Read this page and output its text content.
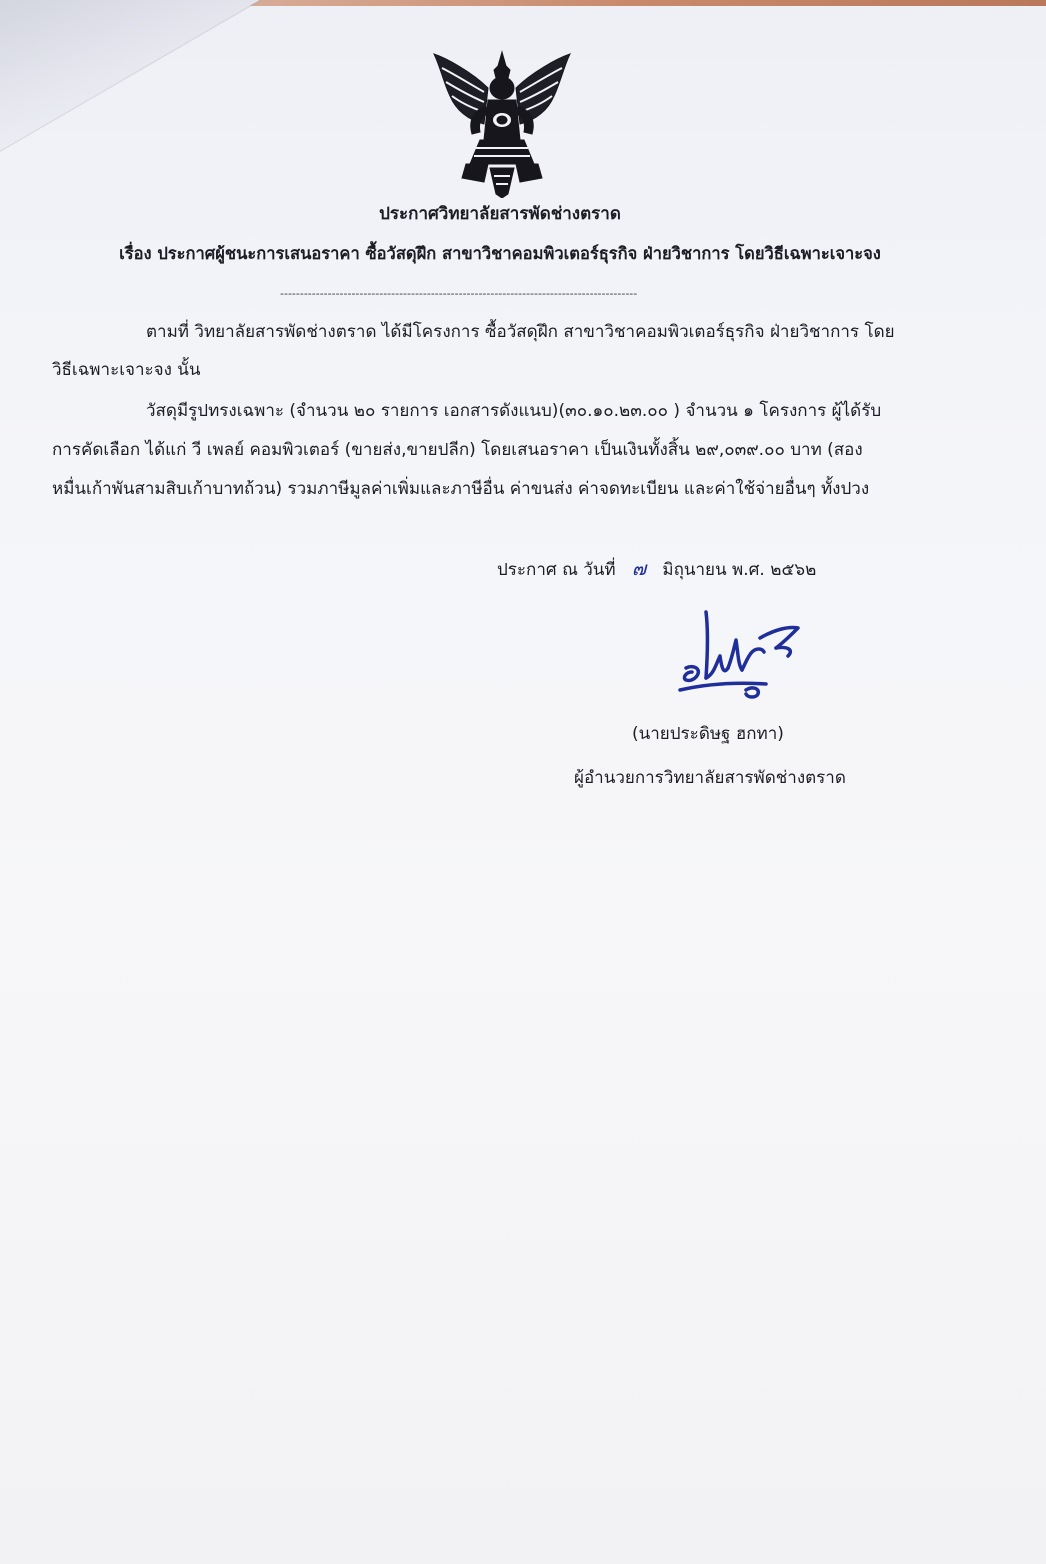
ประกาศวิทยาลัยสารพัดช่างตราด
เรื่อง ประกาศผู้ชนะการเสนอราคา ซื้อวัสดุฝึก สาขาวิชาคอมพิวเตอร์ธุรกิจ ฝ่ายวิชาการ โดยวิธีเฉพาะเจาะจง
------------------------------------------------------------------------------------------
ตามที่ วิทยาลัยสารพัดช่างตราด ได้มีโครงการ ซื้อวัสดุฝึก สาขาวิชาคอมพิวเตอร์ธุรกิจ ฝ่ายวิชาการ โดย
วิธีเฉพาะเจาะจง นั้น
วัสดุมีรูปทรงเฉพาะ (จำนวน ๒๐ รายการ เอกสารดังแนบ)(๓๐.๑๐.๒๓.๐๐ ) จำนวน ๑ โครงการ ผู้ได้รับ
การคัดเลือก ได้แก่ วี เพลย์ คอมพิวเตอร์ (ขายส่ง,ขายปลีก) โดยเสนอราคา เป็นเงินทั้งสิ้น ๒๙,๐๓๙.๐๐ บาท (สอง
หมื่นเก้าพันสามสิบเก้าบาทถ้วน) รวมภาษีมูลค่าเพิ่มและภาษีอื่น ค่าขนส่ง ค่าจดทะเบียน และค่าใช้จ่ายอื่นๆ ทั้งปวง
ประกาศ ณ วันที่ ๗ มิถุนายน พ.ศ. ๒๕๖๒
(นายประดิษฐ ฮกทา)
ผู้อำนวยการวิทยาลัยสารพัดช่างตราด
